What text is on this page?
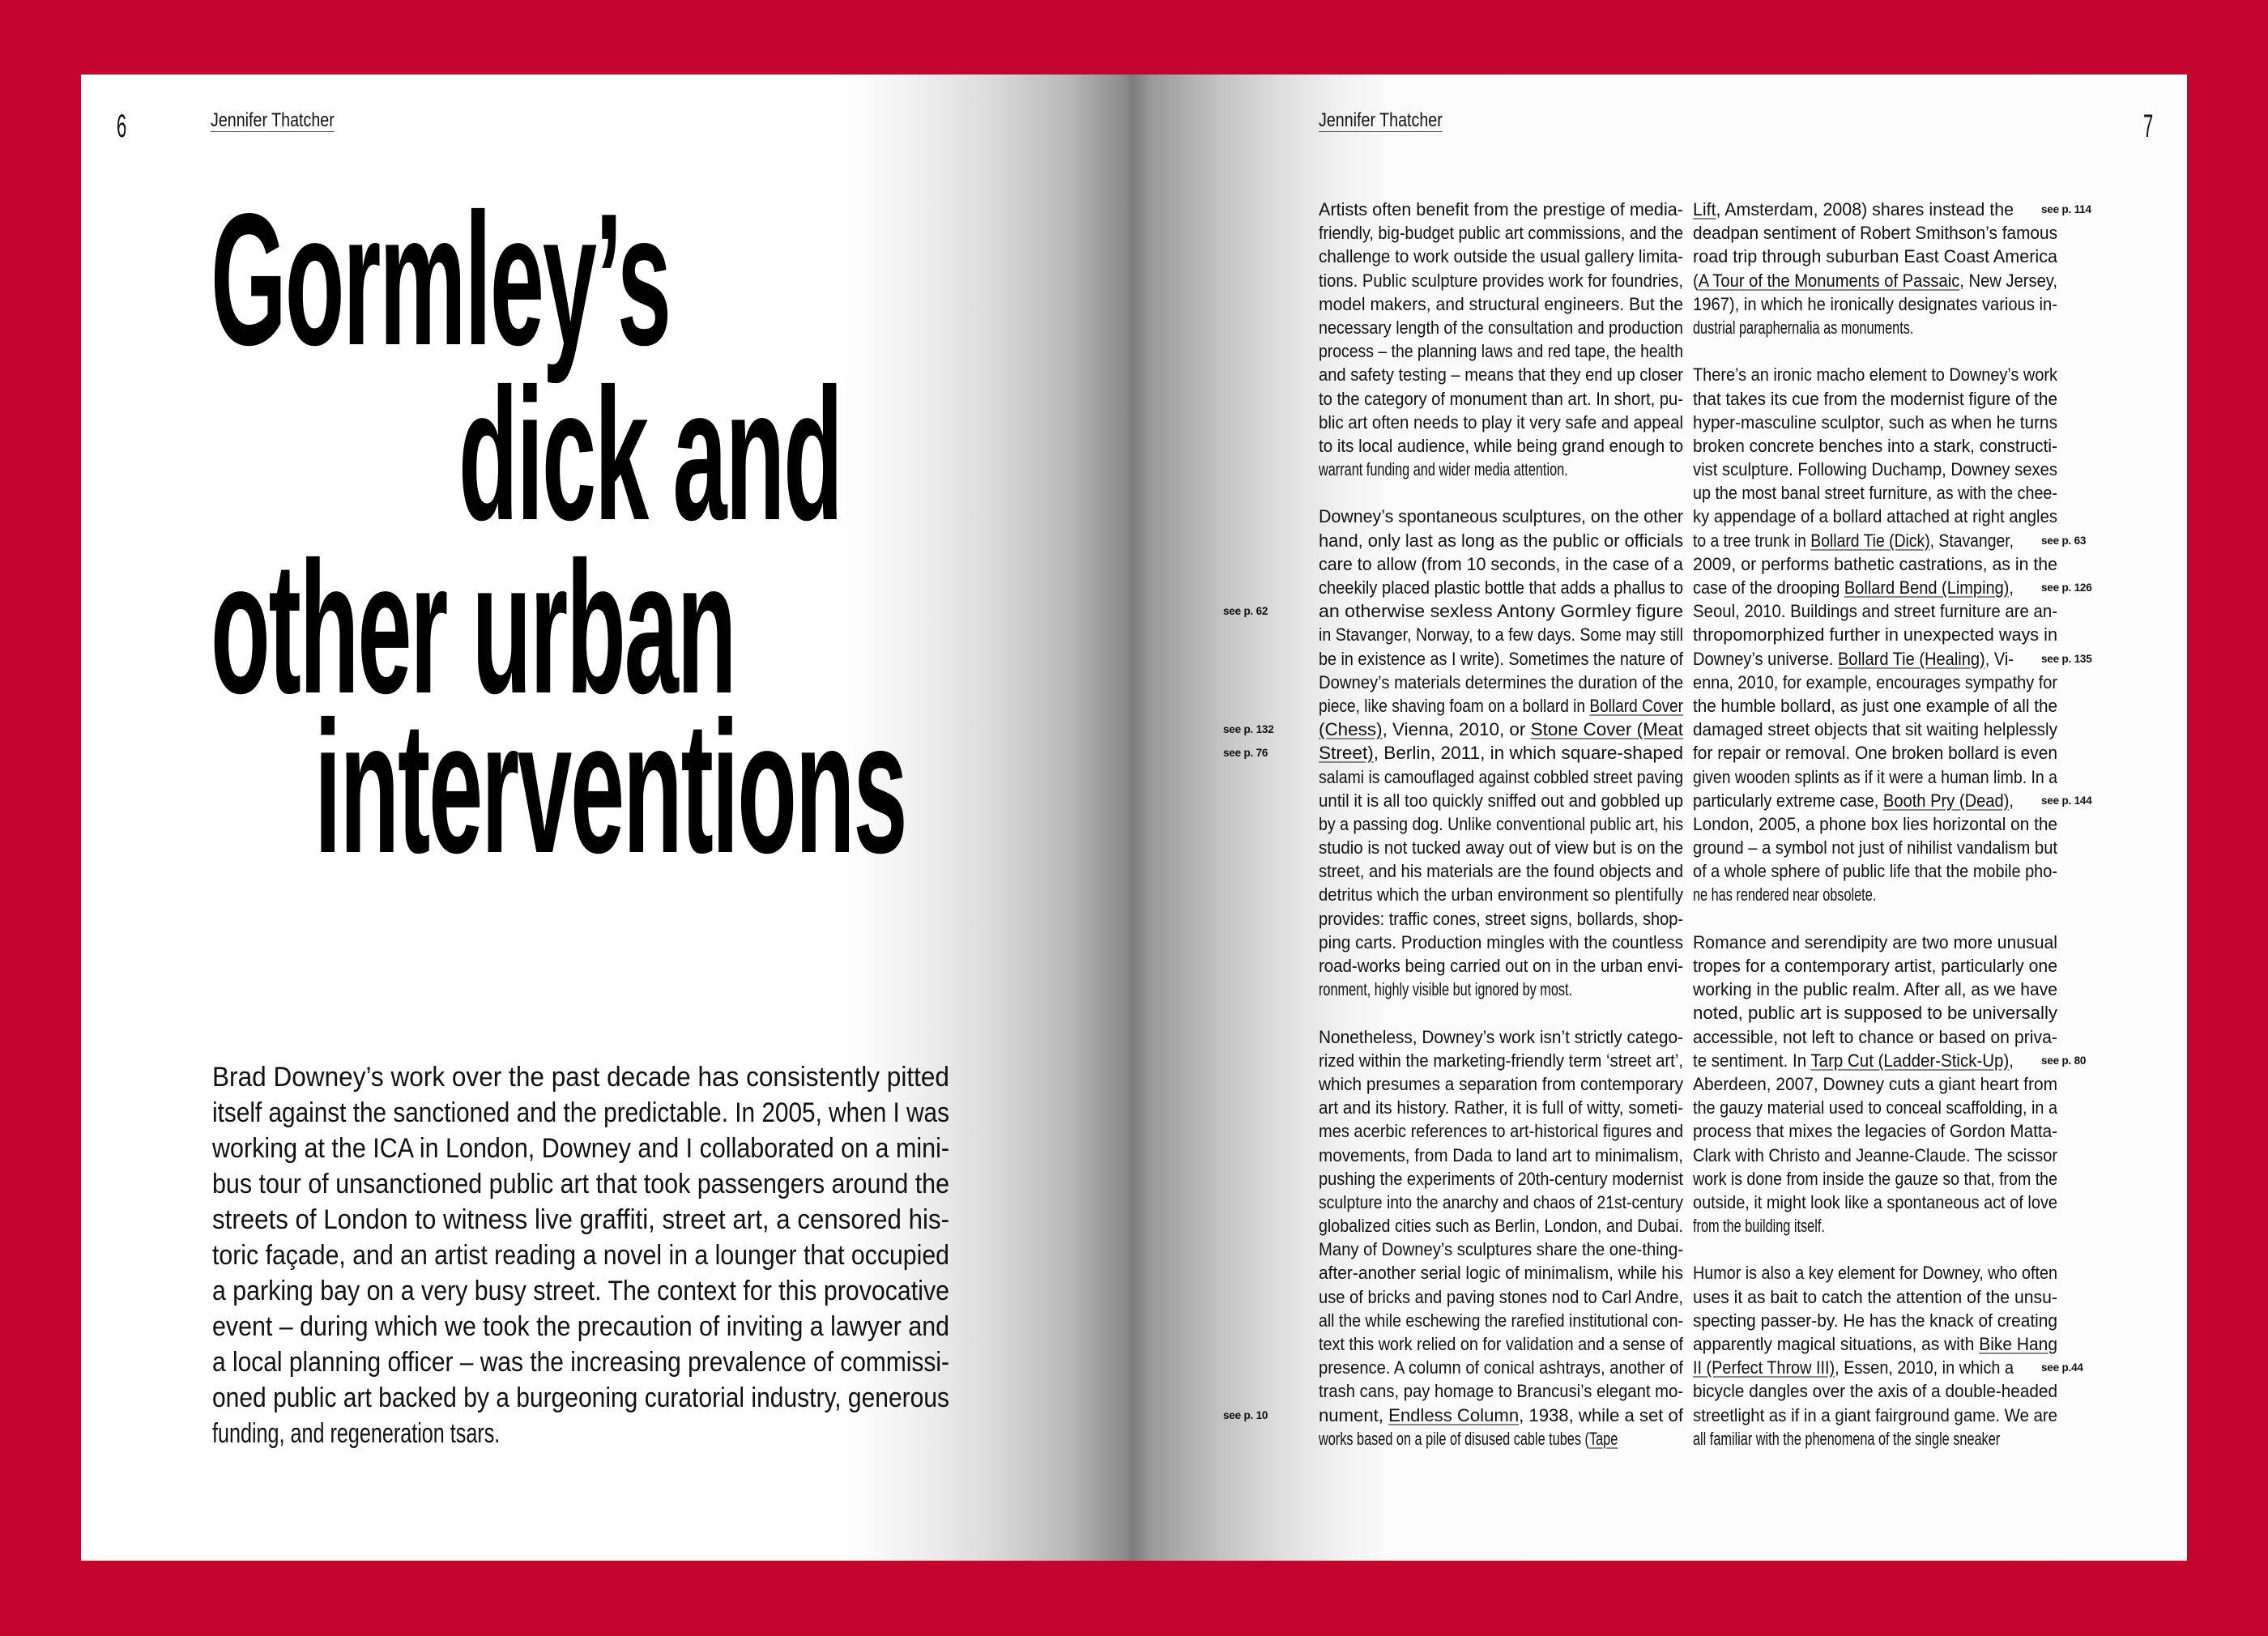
6	Jennifer Thatcher
Gormley’s
dick and
other urban
interventions
Brad Downey’s work over the past decade has consistently pitted
itself against the sanctioned and the predictable. In 2005, when I was
working at the ICA in London, Downey and I collaborated on a mini-
bus tour of unsanctioned public art that took passengers around the
streets of London to witness live graffiti, street art, a censored his-
toric façade, and an artist reading a novel in a lounger that occupied
a parking bay on a very busy street. The context for this provocative
event – during which we took the precaution of inviting a lawyer and
a local planning officer – was the increasing prevalence of commissi-
oned public art backed by a burgeoning curatorial industry, generous
funding, and regeneration tsars.
Jennifer Thatcher	7
Artists often benefit from the prestige of media-
friendly, big-budget public art commissions, and the
challenge to work outside the usual gallery limita-
tions. Public sculpture provides work for foundries,
model makers, and structural engineers. But the
necessary length of the consultation and production
process – the planning laws and red tape, the health
and safety testing – means that they end up closer
to the category of monument than art. In short, pu-
blic art often needs to play it very safe and appeal
to its local audience, while being grand enough to
warrant funding and wider media attention.
Downey’s spontaneous sculptures, on the other
hand, only last as long as the public or officials
care to allow (from 10 seconds, in the case of a
cheekily placed plastic bottle that adds a phallus to
an otherwise sexless Antony Gormley figure
see p. 62
in Stavanger, Norway, to a few days. Some may still
be in existence as I write). Sometimes the nature of
Downey’s materials determines the duration of the
piece, like shaving foam on a bollard in Bollard Cover
(Chess), Vienna, 2010, or Stone Cover (Meat
see p. 132
Street), Berlin, 2011, in which square-shaped
see p. 76
salami is camouflaged against cobbled street paving
until it is all too quickly sniffed out and gobbled up
by a passing dog. Unlike conventional public art, his
studio is not tucked away out of view but is on the
street, and his materials are the found objects and
detritus which the urban environment so plentifully
provides: traffic cones, street signs, bollards, shop-
ping carts. Production mingles with the countless
road-works being carried out on in the urban envi-
ronment, highly visible but ignored by most.
Nonetheless, Downey’s work isn’t strictly catego-
rized within the marketing-friendly term ‘street art’,
which presumes a separation from contemporary
art and its history. Rather, it is full of witty, someti-
mes acerbic references to art-historical figures and
movements, from Dada to land art to minimalism,
pushing the experiments of 20th-century modernist
sculpture into the anarchy and chaos of 21st-century
globalized cities such as Berlin, London, and Dubai.
Many of Downey’s sculptures share the one-thing-
after-another serial logic of minimalism, while his
use of bricks and paving stones nod to Carl Andre,
all the while eschewing the rarefied institutional con-
text this work relied on for validation and a sense of
presence. A column of conical ashtrays, another of
trash cans, pay homage to Brancusi’s elegant mo-
nument, Endless Column, 1938, while a set of
see p. 10
works based on a pile of disused cable tubes (Tape
Lift, Amsterdam, 2008) shares instead the	see p. 114
deadpan sentiment of Robert Smithson’s famous
road trip through suburban East Coast America
(A Tour of the Monuments of Passaic, New Jersey,
1967), in which he ironically designates various in-
dustrial paraphernalia as monuments.
There’s an ironic macho element to Downey’s work
that takes its cue from the modernist figure of the
hyper-masculine sculptor, such as when he turns
broken concrete benches into a stark, constructi-
vist sculpture. Following Duchamp, Downey sexes
up the most banal street furniture, as with the chee-
ky appendage of a bollard attached at right angles
to a tree trunk in Bollard Tie (Dick), Stavanger,	see p. 63
2009, or performs bathetic castrations, as in the
case of the drooping Bollard Bend (Limping),	see p. 126
Seoul, 2010. Buildings and street furniture are an-
thropomorphized further in unexpected ways in
Downey’s universe. Bollard Tie (Healing), Vi-	see p. 135
enna, 2010, for example, encourages sympathy for
the humble bollard, as just one example of all the
damaged street objects that sit waiting helplessly
for repair or removal. One broken bollard is even
given wooden splints as if it were a human limb. In a
particularly extreme case, Booth Pry (Dead),	see p. 144
London, 2005, a phone box lies horizontal on the
ground – a symbol not just of nihilist vandalism but
of a whole sphere of public life that the mobile pho-
ne has rendered near obsolete.
Romance and serendipity are two more unusual
tropes for a contemporary artist, particularly one
working in the public realm. After all, as we have
noted, public art is supposed to be universally
accessible, not left to chance or based on priva-
te sentiment. In Tarp Cut (Ladder-Stick-Up),	see p. 80
Aberdeen, 2007, Downey cuts a giant heart from
the gauzy material used to conceal scaffolding, in a
process that mixes the legacies of Gordon Matta-
Clark with Christo and Jeanne-Claude. The scissor
work is done from inside the gauze so that, from the
outside, it might look like a spontaneous act of love
from the building itself.
Humor is also a key element for Downey, who often
uses it as bait to catch the attention of the unsu-
specting passer-by. He has the knack of creating
apparently magical situations, as with Bike Hang
II (Perfect Throw III), Essen, 2010, in which a	see p.44
bicycle dangles over the axis of a double-headed
streetlight as if in a giant fairground game. We are
all familiar with the phenomena of the single sneaker
